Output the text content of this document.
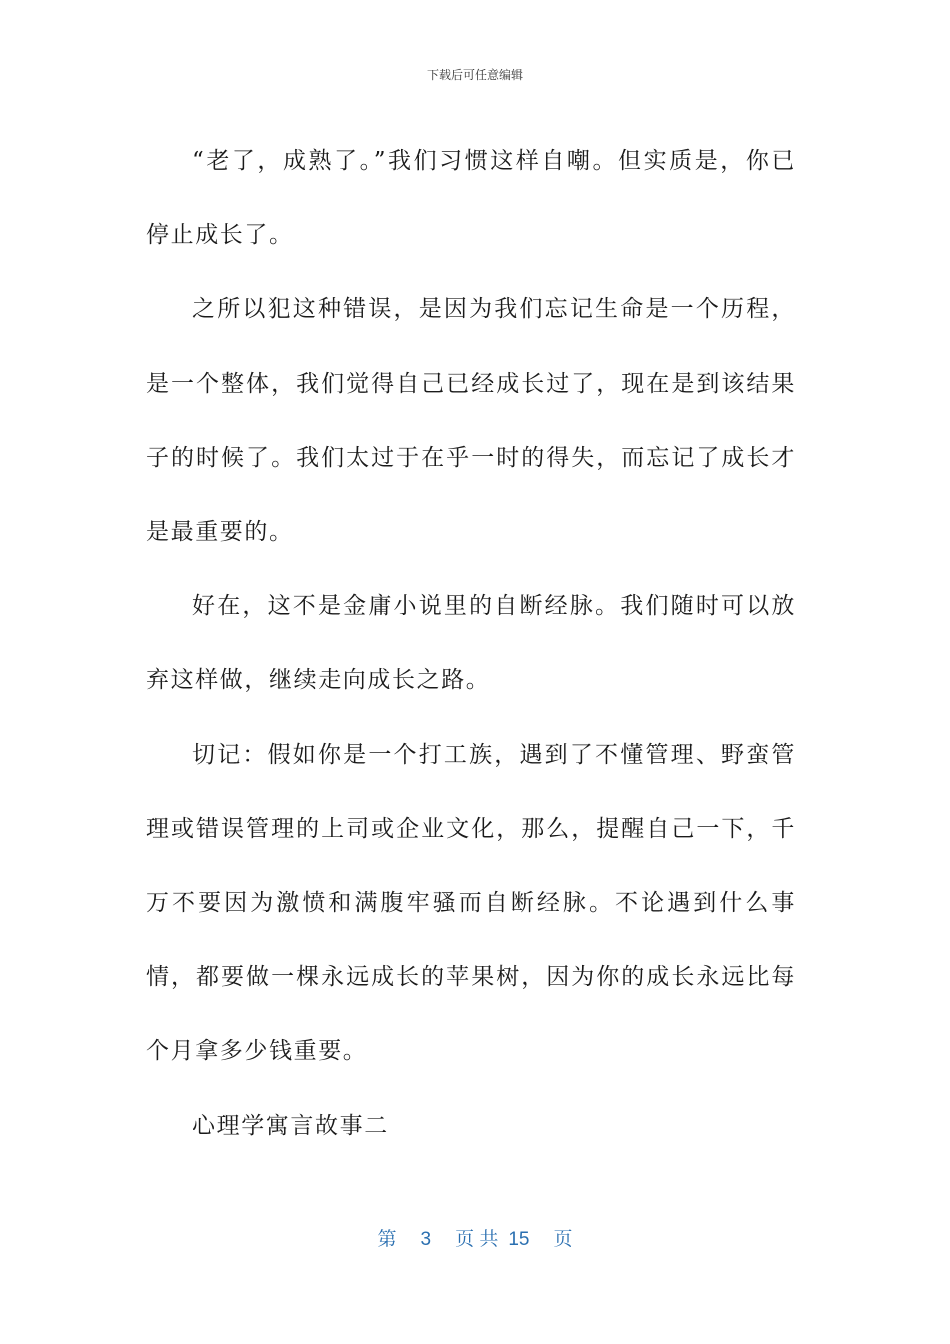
下载后可任意编辑

“老了，成熟了。”我们习惯这样自嘲。但实质是，你已停止成长了。

之所以犯这种错误，是因为我们忘记生命是一个历程，是一个整体，我们觉得自己已经成长过了，现在是到该结果子的时候了。我们太过于在乎一时的得失，而忘记了成长才是最重要的。

好在，这不是金庸小说里的自断经脉。我们随时可以放弃这样做，继续走向成长之路。

切记：假如你是一个打工族，遇到了不懂管理、野蛮管理或错误管理的上司或企业文化，那么，提醒自己一下，千万不要因为激愤和满腹牢骚而自断经脉。不论遇到什么事情，都要做一棵永远成长的苹果树，因为你的成长永远比每个月拿多少钱重要。

心理学寓言故事二

第 3 页 共 15 页
